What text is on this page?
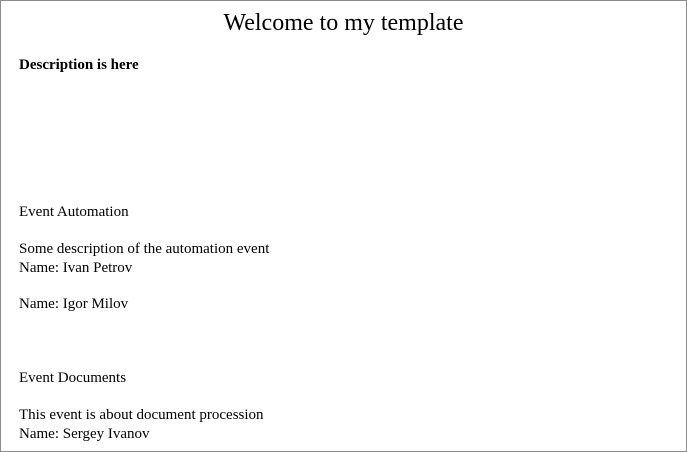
Welcome to my template
Description is here
Event Automation
Some description of the automation event
Name: Ivan Petrov
Name: Igor Milov
Event Documents
This event is about document procession
Name: Sergey Ivanov
